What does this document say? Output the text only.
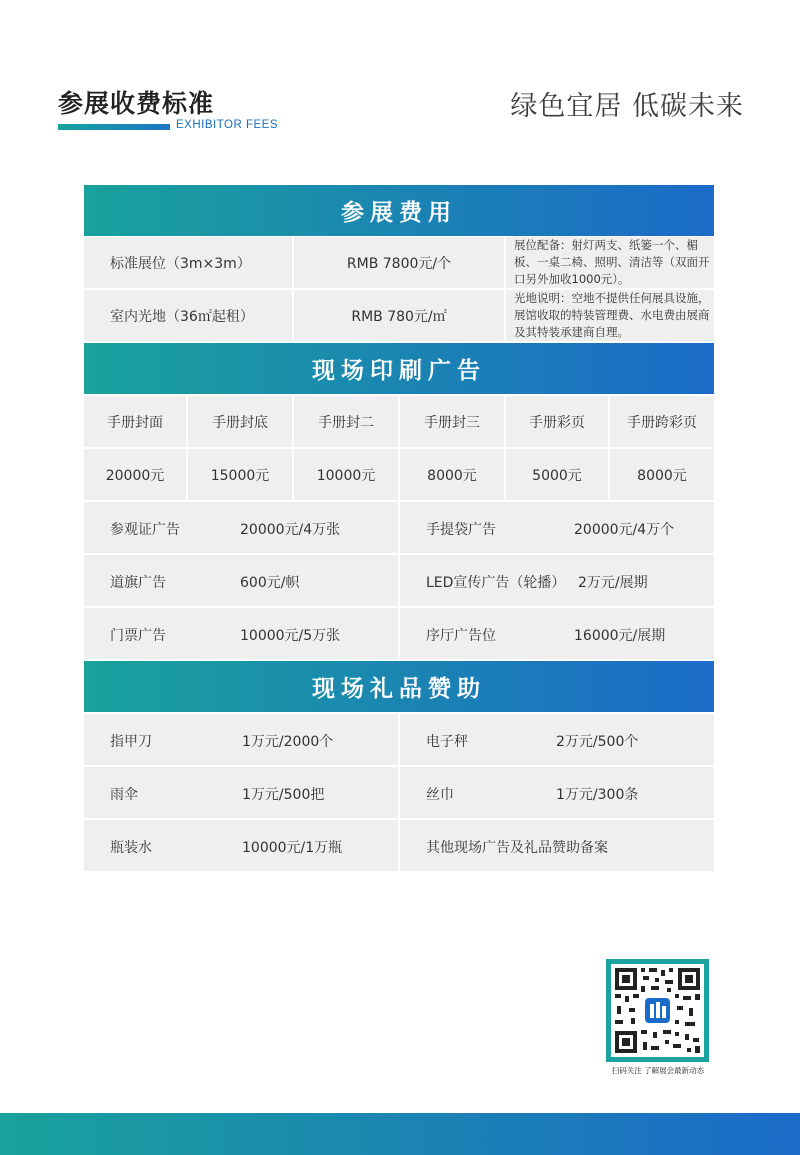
参展收费标准
EXHIBITOR FEES
绿色宜居 低碳未来
参展费用
标准展位（3m×3m）	RMB 7800元/个
展位配备：射灯两支、纸篓一个、楣板、一桌二椅、照明、清洁等（双面开口另外加收1000元）。
室内光地（36㎡起租）	RMB 780元/㎡
光地说明：空地不提供任何展具设施，展馆收取的特装管理费、水电费由展商及其特装承建商自理。
现场印刷广告
手册封面	手册封底	手册封二	手册封三	手册彩页	手册跨彩页
20000元	15000元	10000元	8000元	5000元	8000元
参观证广告	20000元/4万张	手提袋广告	20000元/4万个
道旗广告	600元/帜	LED宣传广告（轮播） 2万元/展期
门票广告	10000元/5万张	序厅广告位	16000元/展期
现场礼品赞助
指甲刀	1万元/2000个	电子秤	2万元/500个
雨伞	1万元/500把	丝巾	1万元/300条
瓶装水	10000元/1万瓶	其他现场广告及礼品赞助备案
扫码关注 了解展会最新动态
